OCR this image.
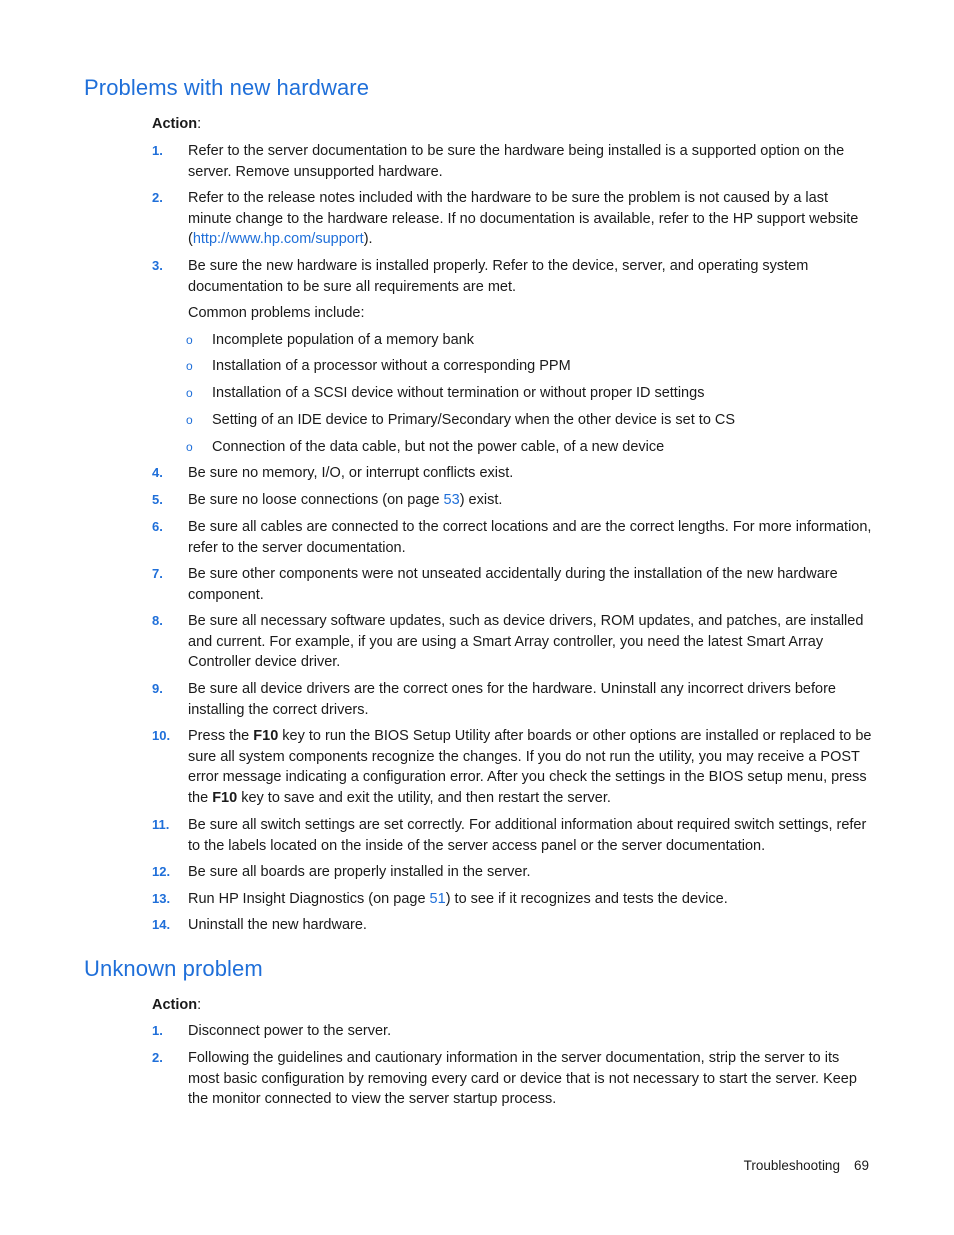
Problems with new hardware
Action:
1. Refer to the server documentation to be sure the hardware being installed is a supported option on the server. Remove unsupported hardware.
2. Refer to the release notes included with the hardware to be sure the problem is not caused by a last minute change to the hardware release. If no documentation is available, refer to the HP support website (http://www.hp.com/support).
3. Be sure the new hardware is installed properly. Refer to the device, server, and operating system documentation to be sure all requirements are met.
Common problems include:
o Incomplete population of a memory bank
o Installation of a processor without a corresponding PPM
o Installation of a SCSI device without termination or without proper ID settings
o Setting of an IDE device to Primary/Secondary when the other device is set to CS
o Connection of the data cable, but not the power cable, of a new device
4. Be sure no memory, I/O, or interrupt conflicts exist.
5. Be sure no loose connections (on page 53) exist.
6. Be sure all cables are connected to the correct locations and are the correct lengths. For more information, refer to the server documentation.
7. Be sure other components were not unseated accidentally during the installation of the new hardware component.
8. Be sure all necessary software updates, such as device drivers, ROM updates, and patches, are installed and current. For example, if you are using a Smart Array controller, you need the latest Smart Array Controller device driver.
9. Be sure all device drivers are the correct ones for the hardware. Uninstall any incorrect drivers before installing the correct drivers.
10. Press the F10 key to run the BIOS Setup Utility after boards or other options are installed or replaced to be sure all system components recognize the changes. If you do not run the utility, you may receive a POST error message indicating a configuration error. After you check the settings in the BIOS setup menu, press the F10 key to save and exit the utility, and then restart the server.
11. Be sure all switch settings are set correctly. For additional information about required switch settings, refer to the labels located on the inside of the server access panel or the server documentation.
12. Be sure all boards are properly installed in the server.
13. Run HP Insight Diagnostics (on page 51) to see if it recognizes and tests the device.
14. Uninstall the new hardware.
Unknown problem
Action:
1. Disconnect power to the server.
2. Following the guidelines and cautionary information in the server documentation, strip the server to its most basic configuration by removing every card or device that is not necessary to start the server. Keep the monitor connected to view the server startup process.
Troubleshooting 69
